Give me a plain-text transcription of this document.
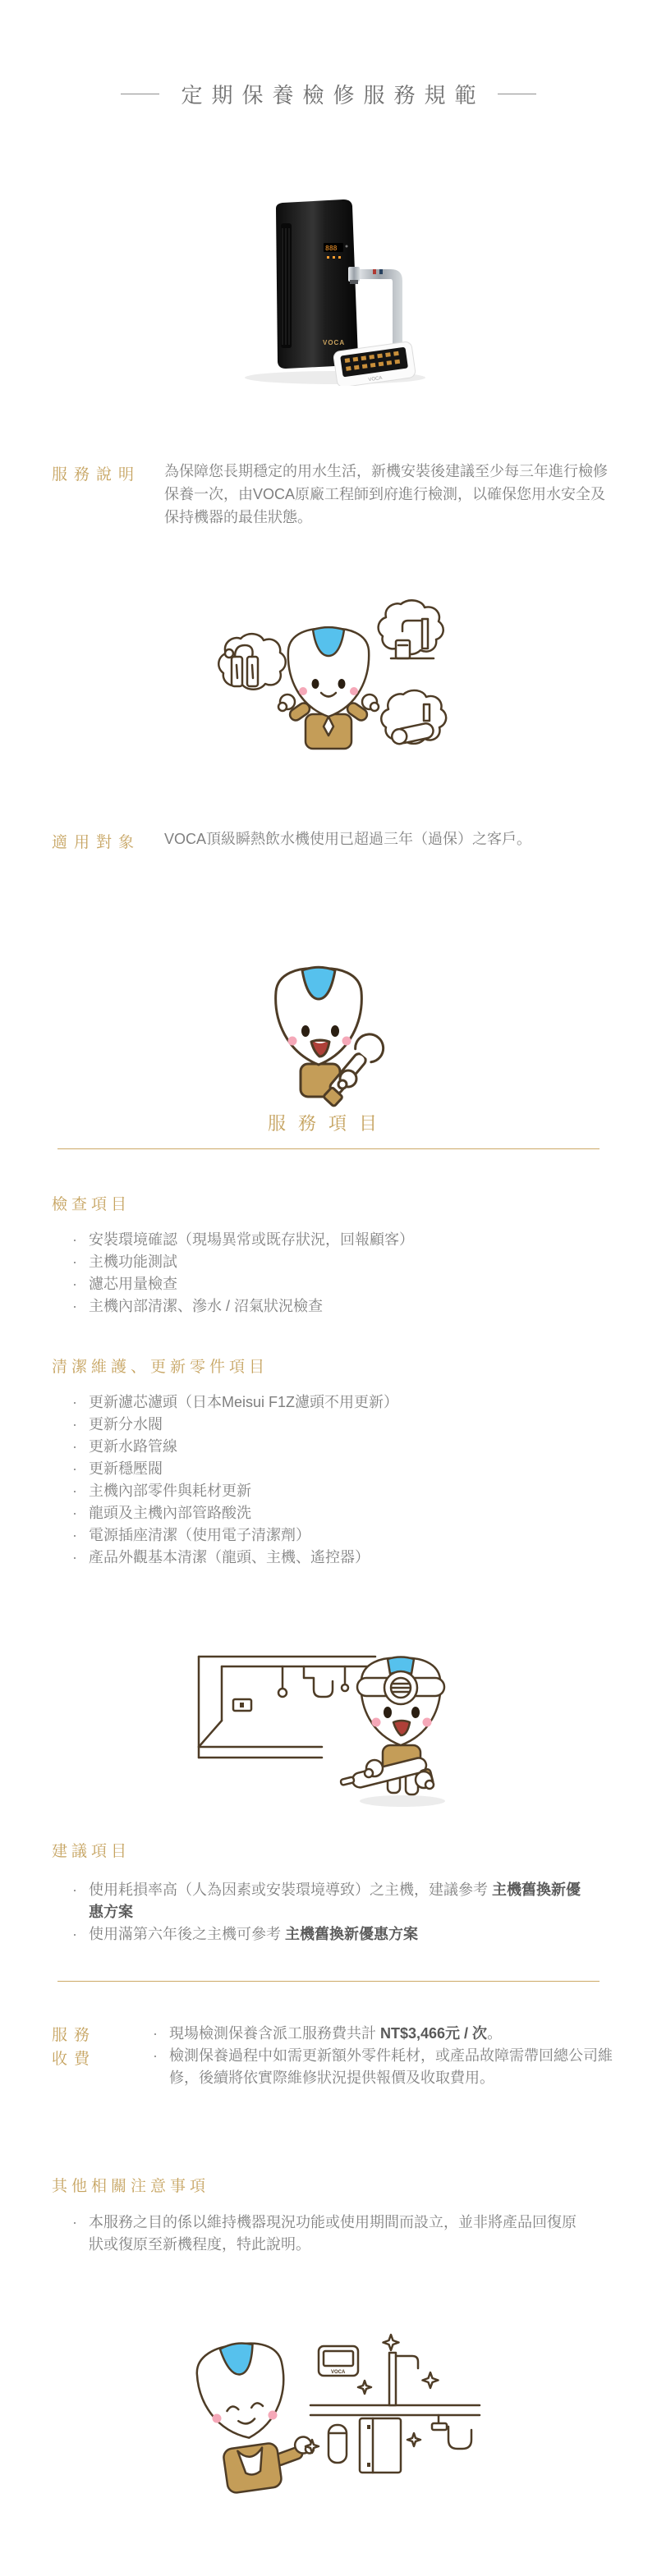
定期保養檢修服務規範
888
VOCA
VOCA
服務說明 為保障您長期穩定的用水生活，新機安裝後建議至少每三年進行檢修保養一次，由VOCA原廠工程師到府進行檢測，以確保您用水安全及保持機器的最佳狀態。

適用對象 VOCA頂級瞬熱飲水機使用已超過三年（過保）之客戶。

服務項目
檢查項目
· 安裝環境確認（現場異常或既存狀況，回報顧客）
· 主機功能測試
· 濾芯用量檢查
· 主機內部清潔、滲水 / 沼氣狀況檢查
清潔維護、更新零件項目
· 更新濾芯濾頭（日本Meisui F1Z濾頭不用更新）
· 更新分水閥
· 更新水路管線
· 更新穩壓閥
· 主機內部零件與耗材更新
· 龍頭及主機內部管路酸洗
· 電源插座清潔（使用電子清潔劑）
· 產品外觀基本清潔（龍頭、主機、遙控器）
建議項目
· 使用耗損率高（人為因素或安裝環境導致）之主機，建議參考 主機舊換新優惠方案
· 使用滿第六年後之主機可參考 主機舊換新優惠方案
服務
收費
· 現場檢測保養含派工服務費共計 NT$3,466元 / 次。
· 檢測保養過程中如需更新額外零件耗材，或產品故障需帶回總公司維修，後續將依實際維修狀況提供報價及收取費用。
其他相關注意事項
· 本服務之目的係以維持機器現況功能或使用期間而設立，並非將產品回復原狀或復原至新機程度，特此說明。
VOCA
